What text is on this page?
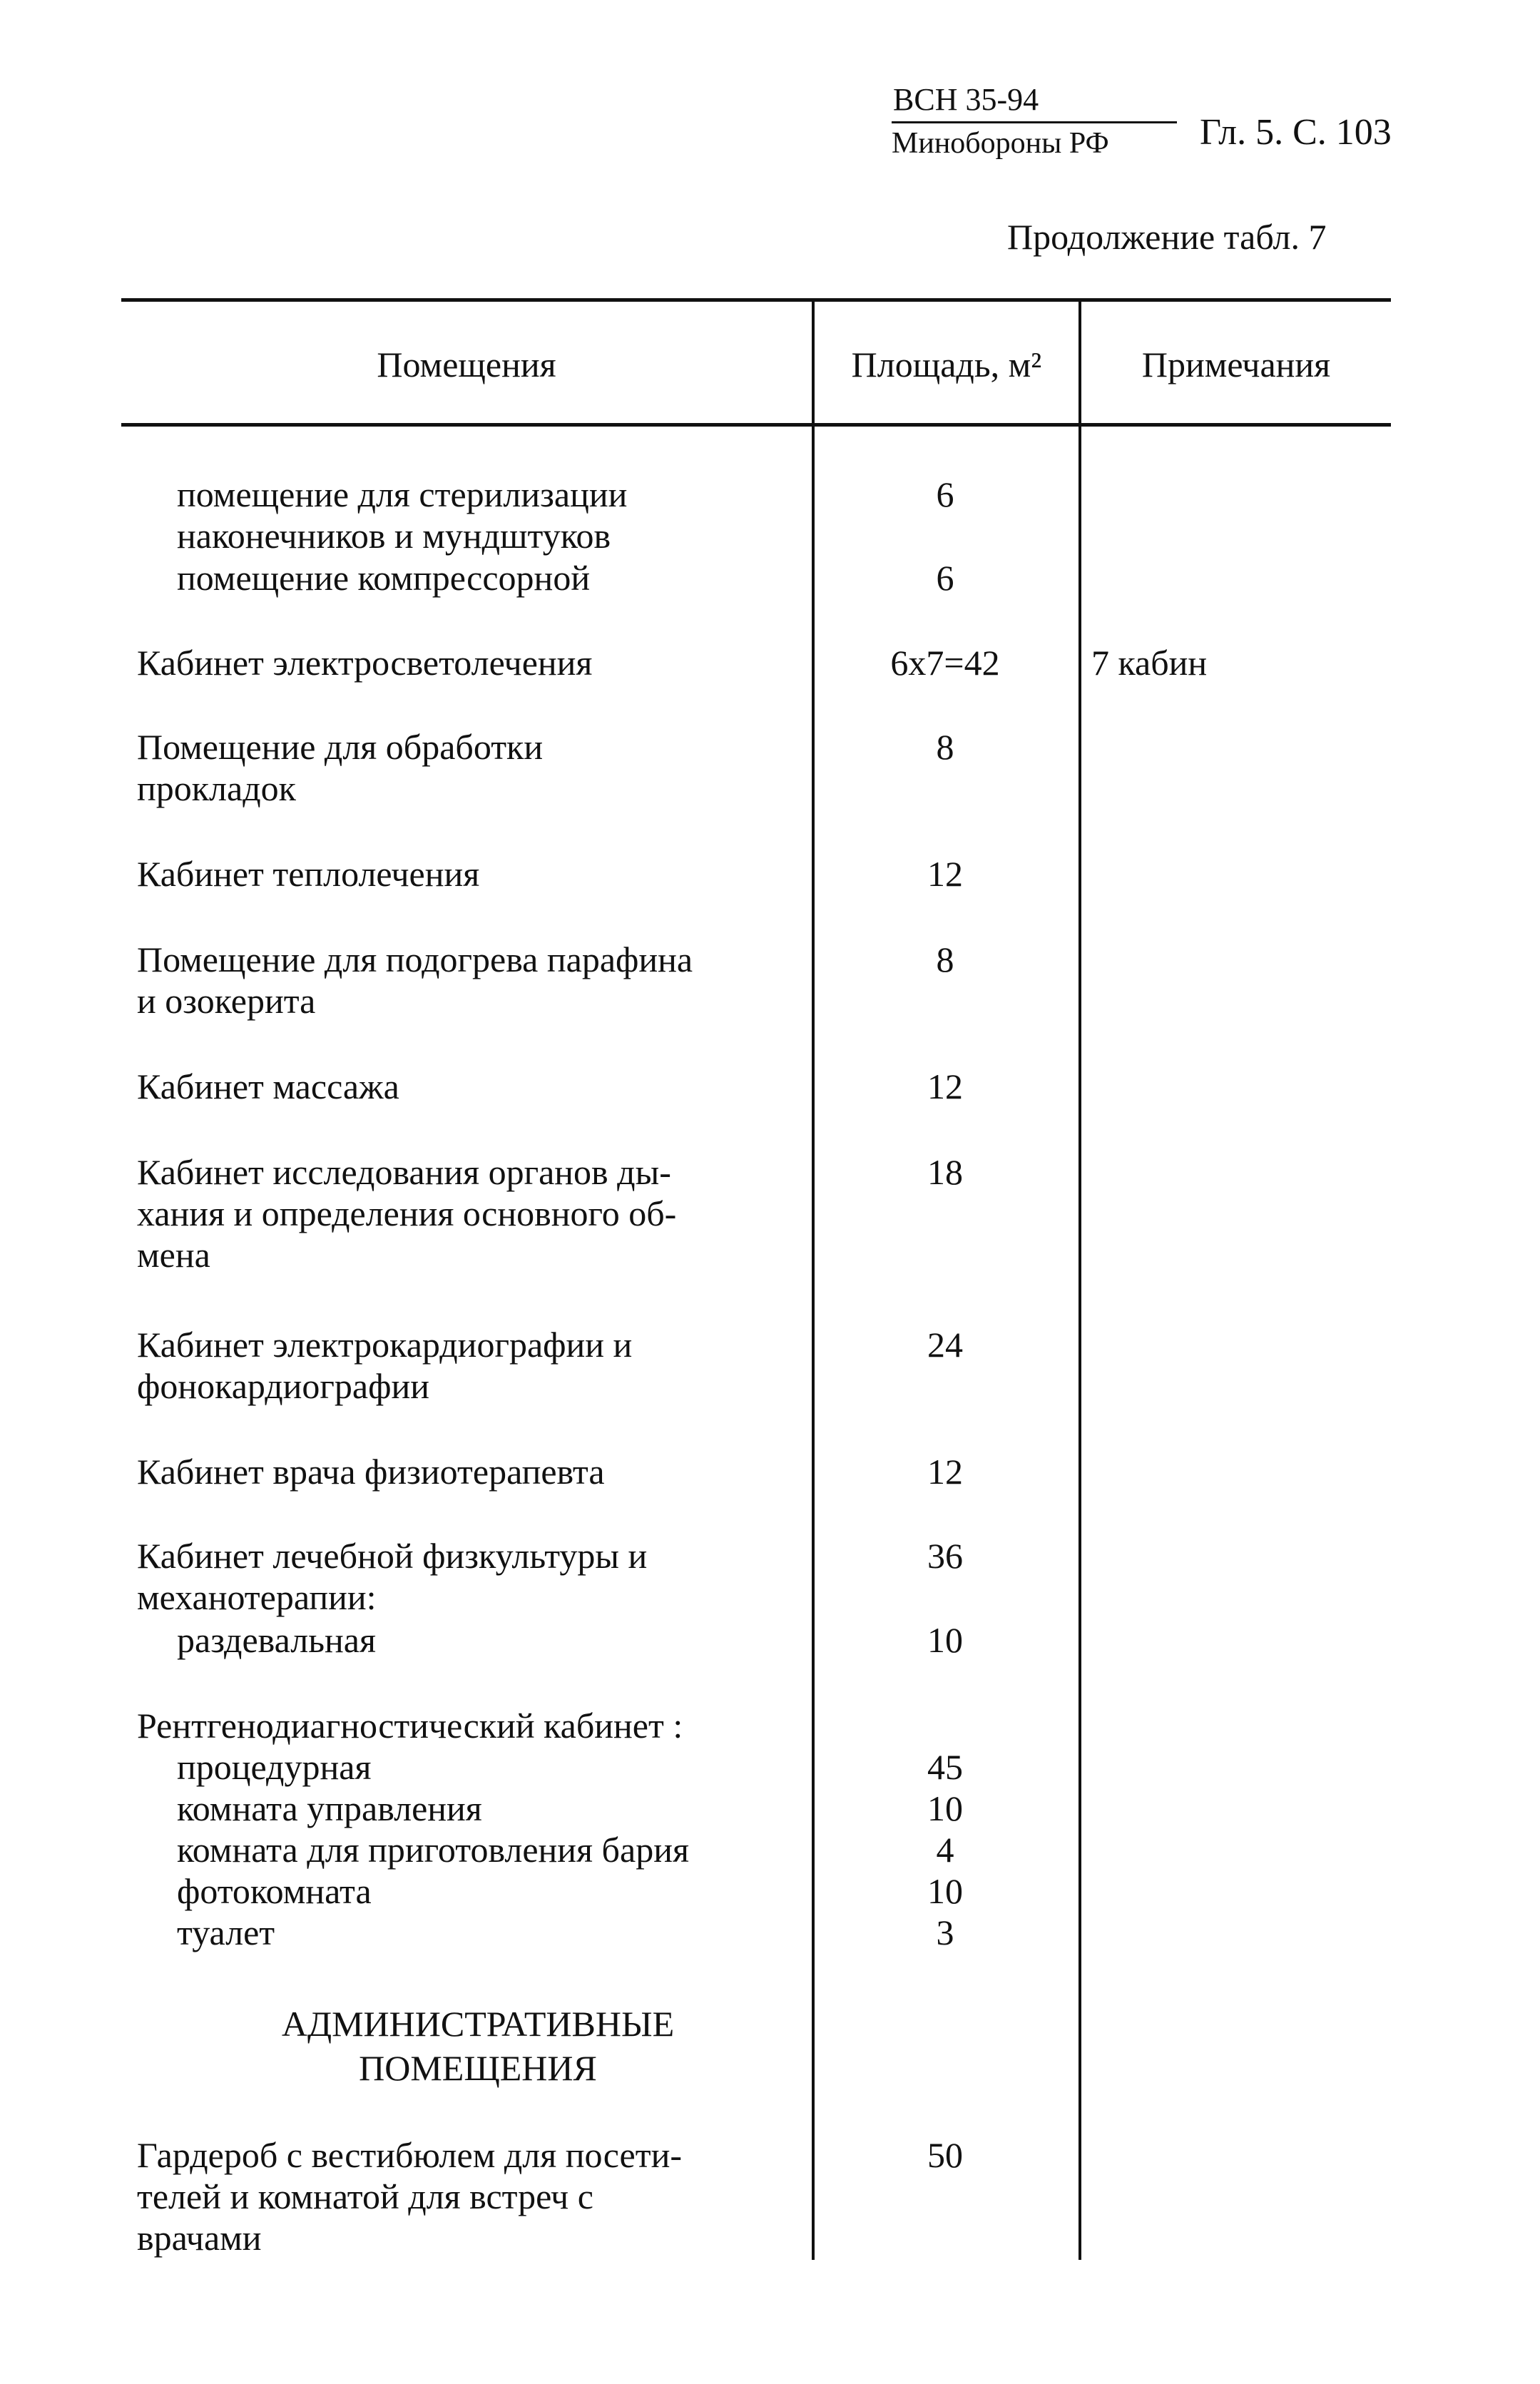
ВСН 35-94
Минобороны РФ Гл. 5. С. 103
Продолжение табл. 7
Помещения	Площадь, м²	Примечания
помещение для стерилизации	6
наконечников и мундштуков
помещение компрессорной	6
Кабинет электросветолечения	6х7=42	7 кабин
Помещение для обработки	8
прокладок
Кабинет теплолечения	12
Помещение для подогрева парафина	8
и озокерита
Кабинет массажа	12
Кабинет исследования органов ды-	18
хания и определения основного об-
мена
Кабинет электрокардиографии и	24
фонокардиографии
Кабинет врача физиотерапевта	12
Кабинет лечебной физкультуры и	36
механотерапии:
раздевальная	10
Рентгенодиагностический кабинет :
процедурная	45
комната управления	10
комната для приготовления бария	4
фотокомната	10
туалет	3
АДМИНИСТРАТИВНЫЕ
ПОМЕЩЕНИЯ
Гардероб с вестибюлем для посети-	50
телей и комнатой для встреч с
врачами
